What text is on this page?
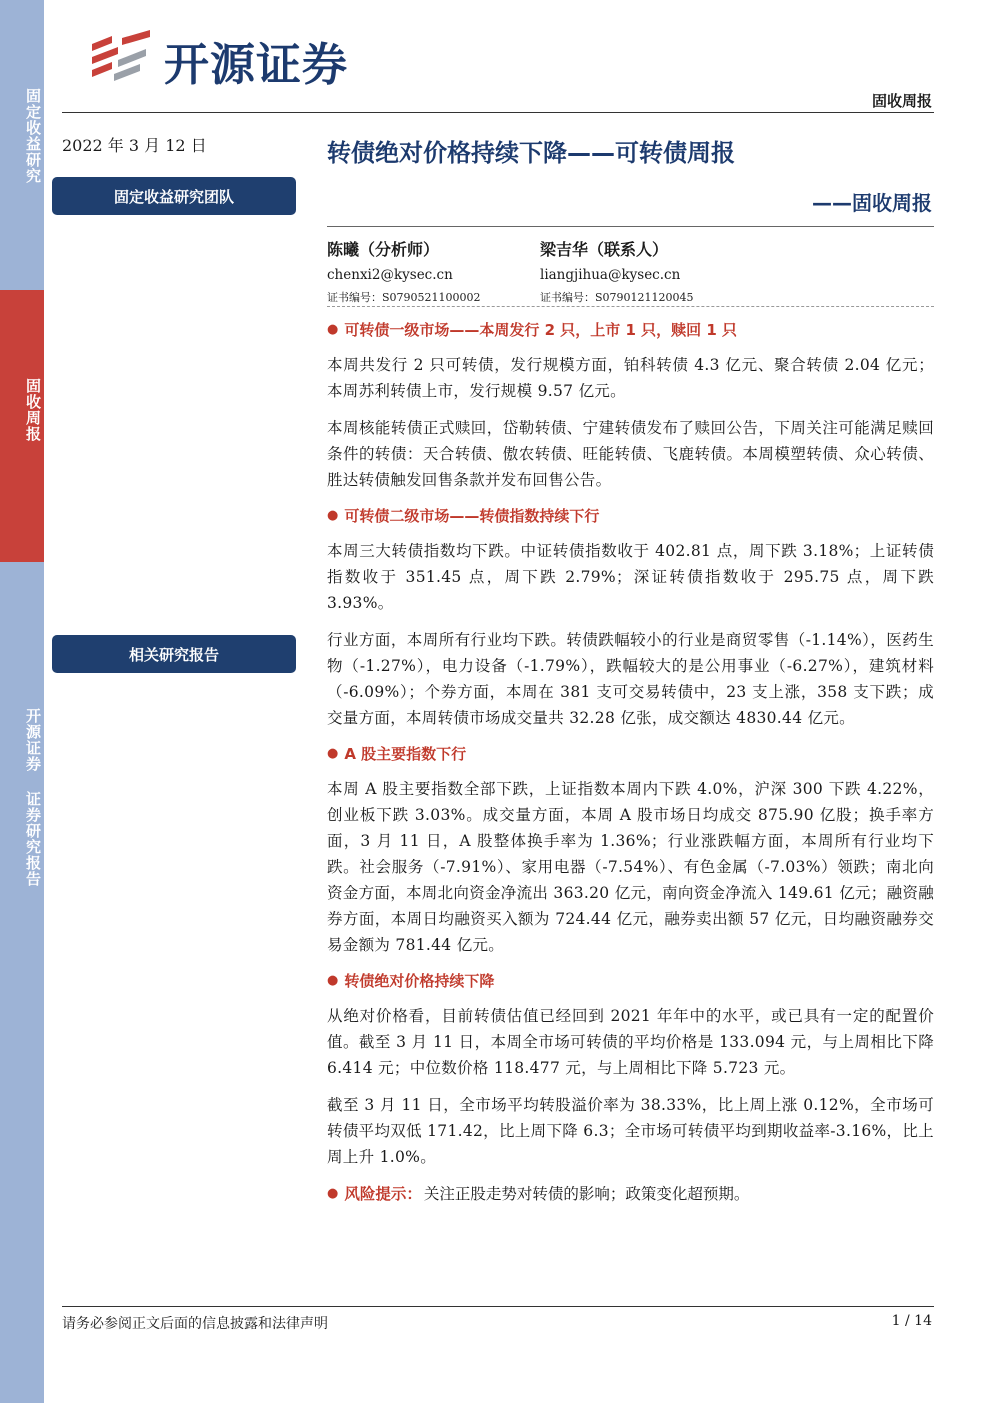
固定收益研究
固收周报
开源证券 证券研究报告
开源证券
固收周报
2022 年 3 月 12 日
固定收益研究团队
相关研究报告
转债绝对价格持续下降——可转债周报
——固收周报
陈曦（分析师）
chenxi2@kysec.cn
证书编号：S0790521100002
梁吉华（联系人）
liangjihua@kysec.cn
证书编号：S0790121120045
● 可转债一级市场——本周发行 2 只，上市 1 只，赎回 1 只

本周共发行 2 只可转债，发行规模方面，铂科转债 4.3 亿元、聚合转债 2.04 亿元；本周苏利转债上市，发行规模 9.57 亿元。

本周核能转债正式赎回，岱勒转债、宁建转债发布了赎回公告，下周关注可能满足赎回条件的转债：天合转债、傲农转债、旺能转债、飞鹿转债。本周模塑转债、众心转债、胜达转债触发回售条款并发布回售公告。

● 可转债二级市场——转债指数持续下行

本周三大转债指数均下跌。中证转债指数收于 402.81 点，周下跌 3.18%；上证转债指数收于 351.45 点，周下跌 2.79%；深证转债指数收于 295.75 点，周下跌 3.93%。

行业方面，本周所有行业均下跌。转债跌幅较小的行业是商贸零售（-1.14%），医药生物（-1.27%），电力设备（-1.79%），跌幅较大的是公用事业（-6.27%），建筑材料（-6.09%）；个券方面，本周在 381 支可交易转债中，23 支上涨，358 支下跌；成交量方面，本周转债市场成交量共 32.28 亿张，成交额达 4830.44 亿元。

● A 股主要指数下行

本周 A 股主要指数全部下跌，上证指数本周内下跌 4.0%，沪深 300 下跌 4.22%，创业板下跌 3.03%。成交量方面，本周 A 股市场日均成交 875.90 亿股；换手率方面，3 月 11 日，A 股整体换手率为 1.36%；行业涨跌幅方面，本周所有行业均下跌。社会服务（-7.91%）、家用电器（-7.54%）、有色金属（-7.03%）领跌；南北向资金方面，本周北向资金净流出 363.20 亿元，南向资金净流入 149.61 亿元；融资融券方面，本周日均融资买入额为 724.44 亿元，融券卖出额 57 亿元，日均融资融券交易金额为 781.44 亿元。

● 转债绝对价格持续下降

从绝对价格看，目前转债估值已经回到 2021 年年中的水平，或已具有一定的配置价值。截至 3 月 11 日，本周全市场可转债的平均价格是 133.094 元，与上周相比下降 6.414 元；中位数价格 118.477 元，与上周相比下降 5.723 元。

截至 3 月 11 日，全市场平均转股溢价率为 38.33%，比上周上涨 0.12%，全市场可转债平均双低 171.42，比上周下降 6.3；全市场可转债平均到期收益率-3.16%，比上周上升 1.0%。

● 风险提示： 关注正股走势对转债的影响；政策变化超预期。
请务必参阅正文后面的信息披露和法律声明	1 / 14
